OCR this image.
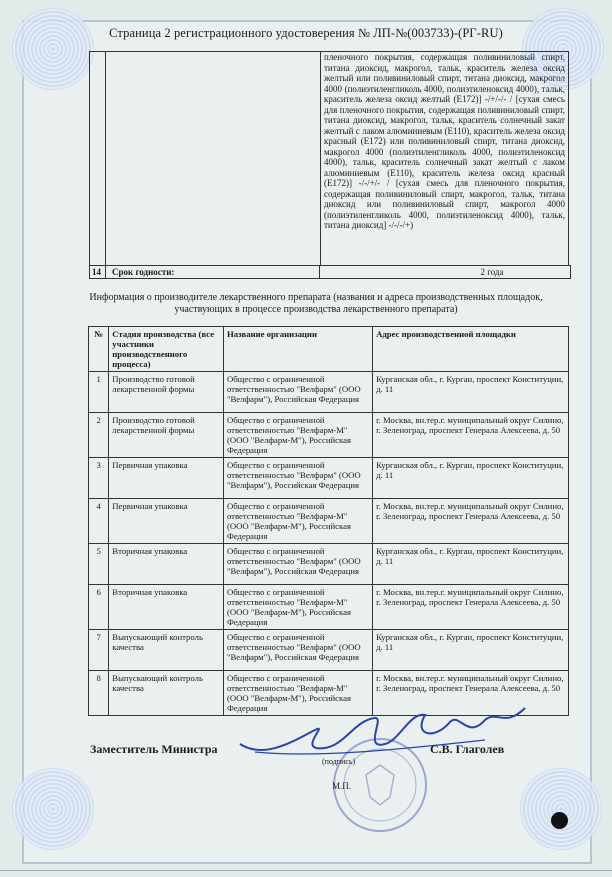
Страница 2 регистрационного удостоверения № ЛП-№(003733)-(РГ-RU)
		пленочного покрытия, содержащая поливиниловый спирт, титана диоксид, макрогол, тальк, краситель железа оксид желтый или поливиниловый спирт, титана диоксид, макрогол 4000 (полиэтиленгликоль 4000, полиэтиленоксид 4000), тальк, краситель железа оксид желтый (Е172)] -/+/-/- / [сухая смесь для пленочного покрытия, содержащая поливиниловый спирт, титана диоксид, макрогол, тальк, краситель солнечный закат желтый с лаком алюминиевым (Е110), краситель железа оксид красный (Е172) или поливиниловый спирт, титана диоксид, макрогол 4000 (полиэтиленгликоль 4000, полиэтиленоксид 4000), тальк, краситель солнечный закат желтый с лаком алюминиевым (Е110), краситель железа оксид красный (Е172)] -/-/+/- / [сухая смесь для пленочного покрытия, содержащая поливиниловый спирт, макрогол, тальк, титана диоксид или поливиниловый спирт, макрогол 4000 (полиэтиленгликоль 4000, полиэтиленоксид 4000), тальк, титана диоксид] -/-/-/+)
14 Срок годности:	2 года
Информация о производителе лекарственного препарата (названия и адреса производственных площадок, участвующих в процессе производства лекарственного препарата)
№	Стадия производства (все участники производственного процесса)	Название организации	Адрес производственной площадки
1	Производство готовой лекарственной формы	Общество с ограниченной ответственностью "Велфарм" (ООО "Велфарм"), Российская Федерация	Курганская обл., г. Курган, проспект Конституции, д. 11
2	Производство готовой лекарственной формы	Общество с ограниченной ответственностью "Велфарм-М" (ООО "Велфарм-М"), Российская Федерация	г. Москва, вн.тер.г. муниципальный округ Силино, г. Зеленоград, проспект Генерала Алексеева, д. 50
3	Первичная упаковка	Общество с ограниченной ответственностью "Велфарм" (ООО "Велфарм"), Российская Федерация	Курганская обл., г. Курган, проспект Конституции, д. 11
4	Первичная упаковка	Общество с ограниченной ответственностью "Велфарм-М" (ООО "Велфарм-М"), Российская Федерация	г. Москва, вн.тер.г. муниципальный округ Силино, г. Зеленоград, проспект Генерала Алексеева, д. 50
5	Вторичная упаковка	Общество с ограниченной ответственностью "Велфарм" (ООО "Велфарм"), Российская Федерация	Курганская обл., г. Курган, проспект Конституции, д. 11
6	Вторичная упаковка	Общество с ограниченной ответственностью "Велфарм-М" (ООО "Велфарм-М"), Российская Федерация	г. Москва, вн.тер.г. муниципальный округ Силино, г. Зеленоград, проспект Генерала Алексеева, д. 50
7	Выпускающий контроль качества	Общество с ограниченной ответственностью "Велфарм" (ООО "Велфарм"), Российская Федерация	Курганская обл., г. Курган, проспект Конституции, д. 11
8	Выпускающий контроль качества	Общество с ограниченной ответственностью "Велфарм-М" (ООО "Велфарм-М"), Российская Федерация	г. Москва, вн.тер.г. муниципальный округ Силино, г. Зеленоград, проспект Генерала Алексеева, д. 50
Заместитель Министра	С.В. Глаголев
(подпись)
М.П.
